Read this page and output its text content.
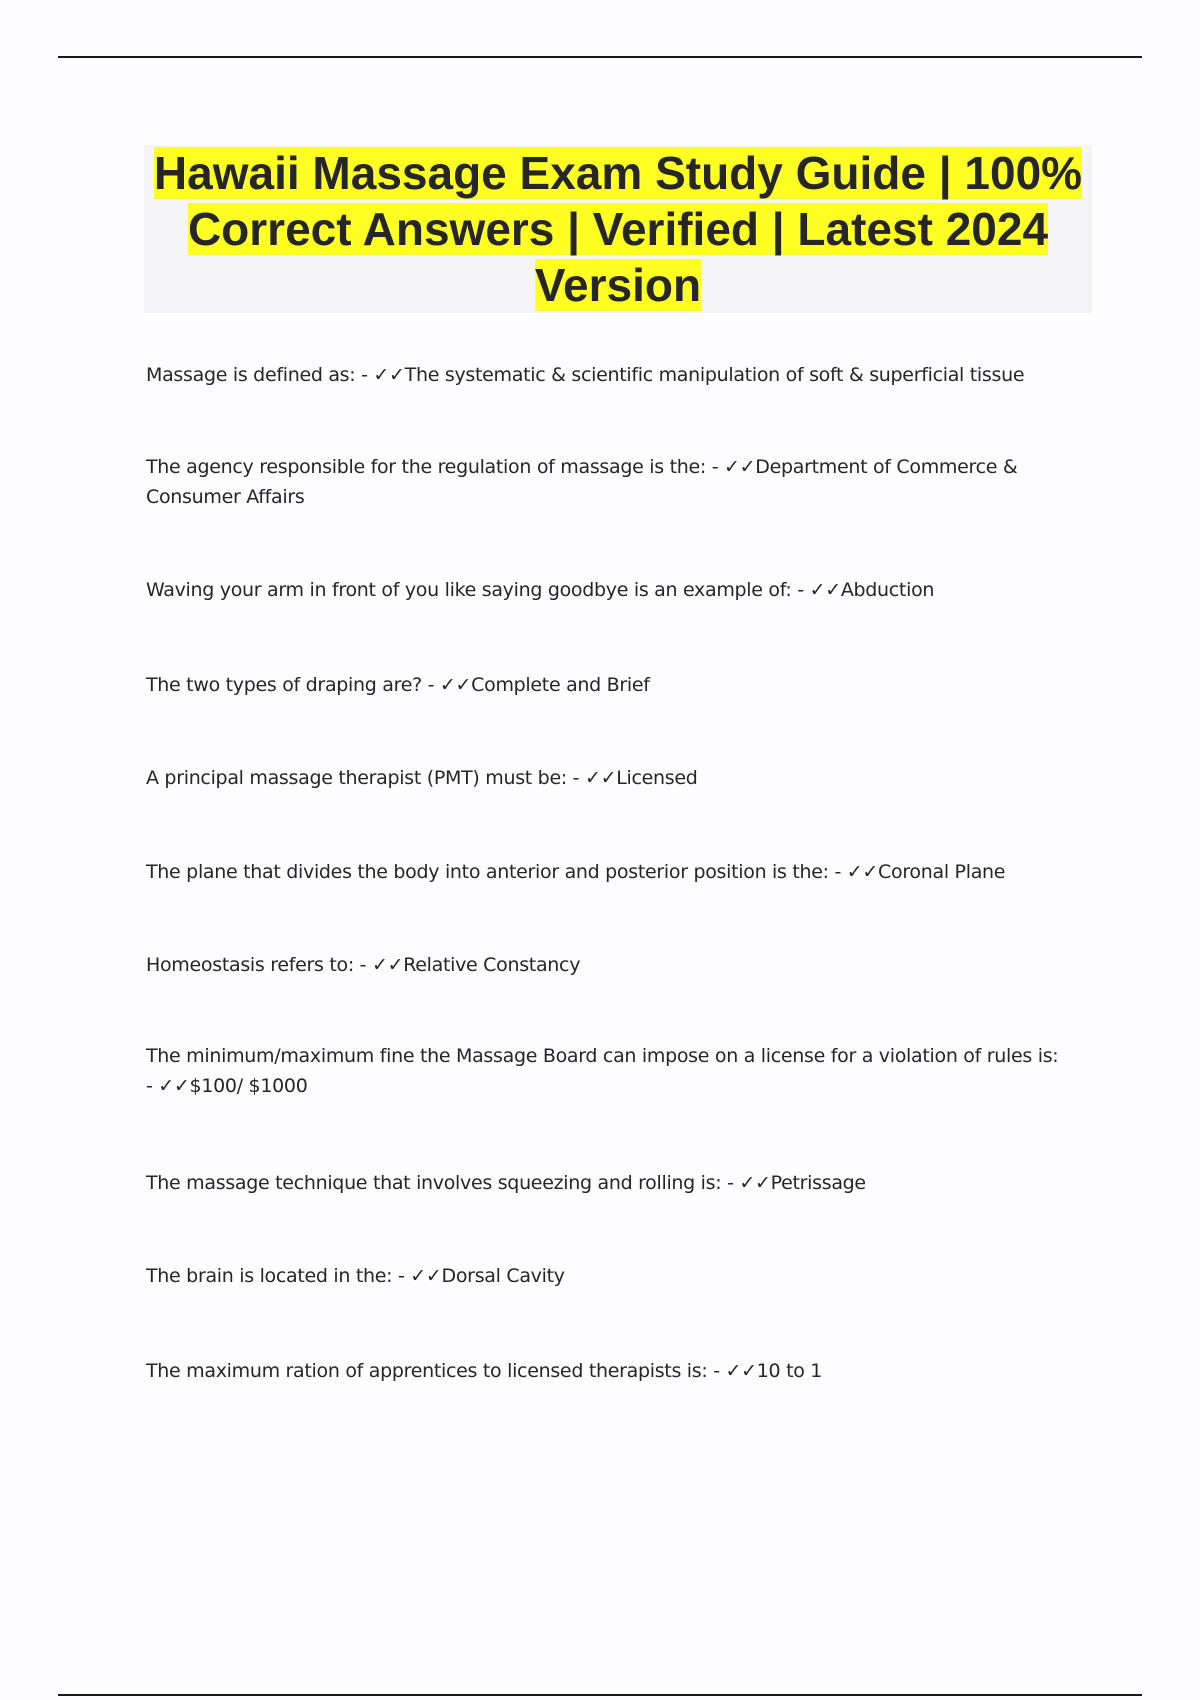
Hawaii Massage Exam Study Guide | 100% Correct Answers | Verified | Latest 2024 Version
Massage is defined as: - ✓✓The systematic & scientific manipulation of soft & superficial tissue
The agency responsible for the regulation of massage is the: - ✓✓Department of Commerce & Consumer Affairs
Waving your arm in front of you like saying goodbye is an example of: - ✓✓Abduction
The two types of draping are? - ✓✓Complete and Brief
A principal massage therapist (PMT) must be: - ✓✓Licensed
The plane that divides the body into anterior and posterior position is the: - ✓✓Coronal Plane
Homeostasis refers to: - ✓✓Relative Constancy
The minimum/maximum fine the Massage Board can impose on a license for a violation of rules is: - ✓✓$100/ $1000
The massage technique that involves squeezing and rolling is: - ✓✓Petrissage
The brain is located in the: - ✓✓Dorsal Cavity
The maximum ration of apprentices to licensed therapists is: - ✓✓10 to 1
